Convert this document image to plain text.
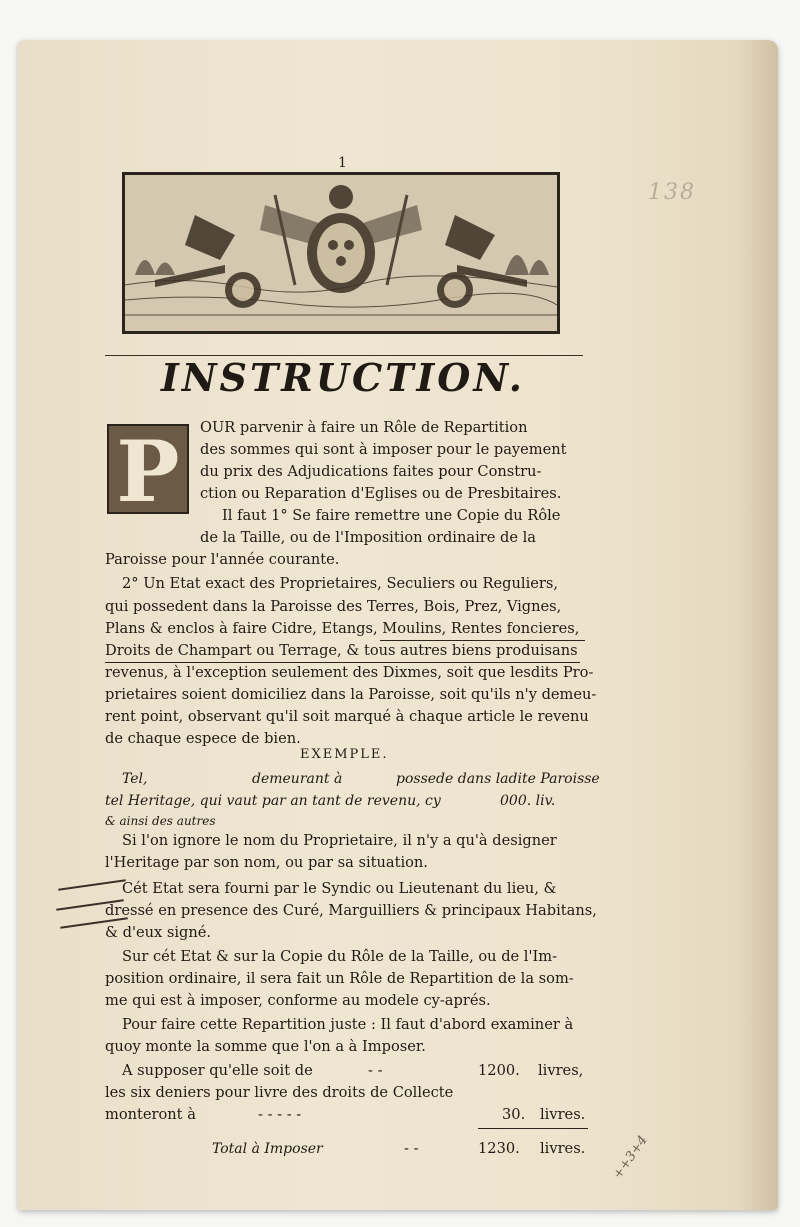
1
138
INSTRUCTION.
P	OUR parvenir à faire un Rôle de Repartition
des sommes qui sont à imposer pour le payement
du prix des Adjudications faites pour Constru-
ction ou Reparation d'Eglises ou de Presbitaires.
Il faut 1° Se faire remettre une Copie du Rôle
de la Taille, ou de l'Imposition ordinaire de la
Paroisse pour l'année courante.
2° Un Etat exact des Proprietaires, Seculiers ou Reguliers,
qui possedent dans la Paroisse des Terres, Bois, Prez, Vignes,
Plans & enclos à faire Cidre, Etangs, Moulins, Rentes foncieres,
Droits de Champart ou Terrage, & tous autres biens produisans
revenus, à l'exception seulement des Dixmes, soit que lesdits Pro-
prietaires soient domiciliez dans la Paroisse, soit qu'ils n'y demeu-
rent point, observant qu'il soit marqué à chaque article le revenu
de chaque espece de bien.
EXEMPLE.
Tel,	demeurant à	possede dans ladite Paroisse
tel Heritage, qui vaut par an tant de revenu, cy	000. liv.
& ainsi des autres
Si l'on ignore le nom du Proprietaire, il n'y a qu'à designer
l'Heritage par son nom, ou par sa situation.
Cét Etat sera fourni par le Syndic ou Lieutenant du lieu, &
dressé en presence des Curé, Marguilliers & principaux Habitans,
& d'eux signé.
Sur cét Etat & sur la Copie du Rôle de la Taille, ou de l'Im-
position ordinaire, il sera fait un Rôle de Repartition de la som-
me qui est à imposer, conforme au modele cy-aprés.
Pour faire cette Repartition juste : Il faut d'abord examiner à
quoy monte la somme que l'on a à Imposer.
A supposer qu'elle soit de	- -	1200. livres,
les six deniers pour livre des droits de Collecte
monteront à	- - - - -	30. livres.
Total à Imposer	- -	1230. livres. ++3+4
